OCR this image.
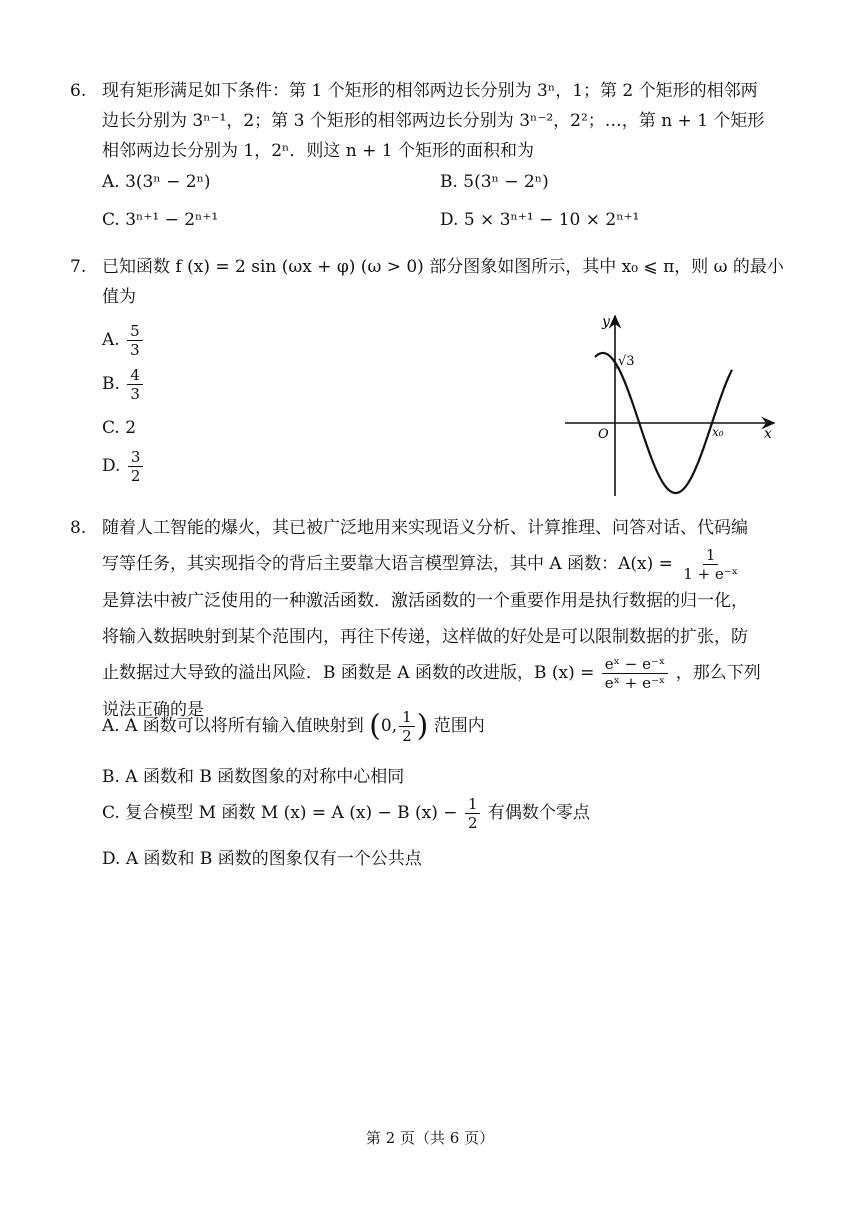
6. 现有矩形满足如下条件：第 1 个矩形的相邻两边长分别为 3ⁿ，1；第 2 个矩形的相邻两
边长分别为 3ⁿ⁻¹，2；第 3 个矩形的相邻两边长分别为 3ⁿ⁻²，2²；…，第 n + 1 个矩形
相邻两边长分别为 1，2ⁿ．则这 n + 1 个矩形的面积和为
A. 3(3ⁿ − 2ⁿ)	B. 5(3ⁿ − 2ⁿ)
C. 3ⁿ⁺¹ − 2ⁿ⁺¹	D. 5 × 3ⁿ⁺¹ − 10 × 2ⁿ⁺¹
7. 已知函数 f (x) = 2 sin (ωx + φ) (ω > 0) 部分图象如图所示，其中 x₀ ⩽ π，则 ω 的最小
值为
A. $\frac{5}{3}$
B. $\frac{4}{3}$
C. 2
D. $\frac{3}{2}$
y
x
O
√3
x₀
8. 随着人工智能的爆火，其已被广泛地用来实现语义分析、计算推理、问答对话、代码编
写等任务，其实现指令的背后主要靠大语言模型算法，其中 A 函数：$A(x) = \frac{1}{\text{1 + e⁻ˣ}}$
是算法中被广泛使用的一种激活函数．激活函数的一个重要作用是执行数据的归一化，
将输入数据映射到某个范围内，再往下传递，这样做的好处是可以限制数据的扩张，防
止数据过大导致的溢出风险．B 函数是 A 函数的改进版，B $(x) = \frac{\text{eˣ − e⁻ˣ}}{\text{eˣ + e⁻ˣ}}$ ，那么下列
说法正确的是
A. A 函数可以将所有输入值映射到 (0, $\frac{1}{2}$ ) 范围内
B. A 函数和 B 函数图象的对称中心相同
C. 复合模型 M 函数 M (x) = A (x) − B $(x) - \frac{1}{2}$ 有偶数个零点
D. A 函数和 B 函数的图象仅有一个公共点
第 2 页（共 6 页）
